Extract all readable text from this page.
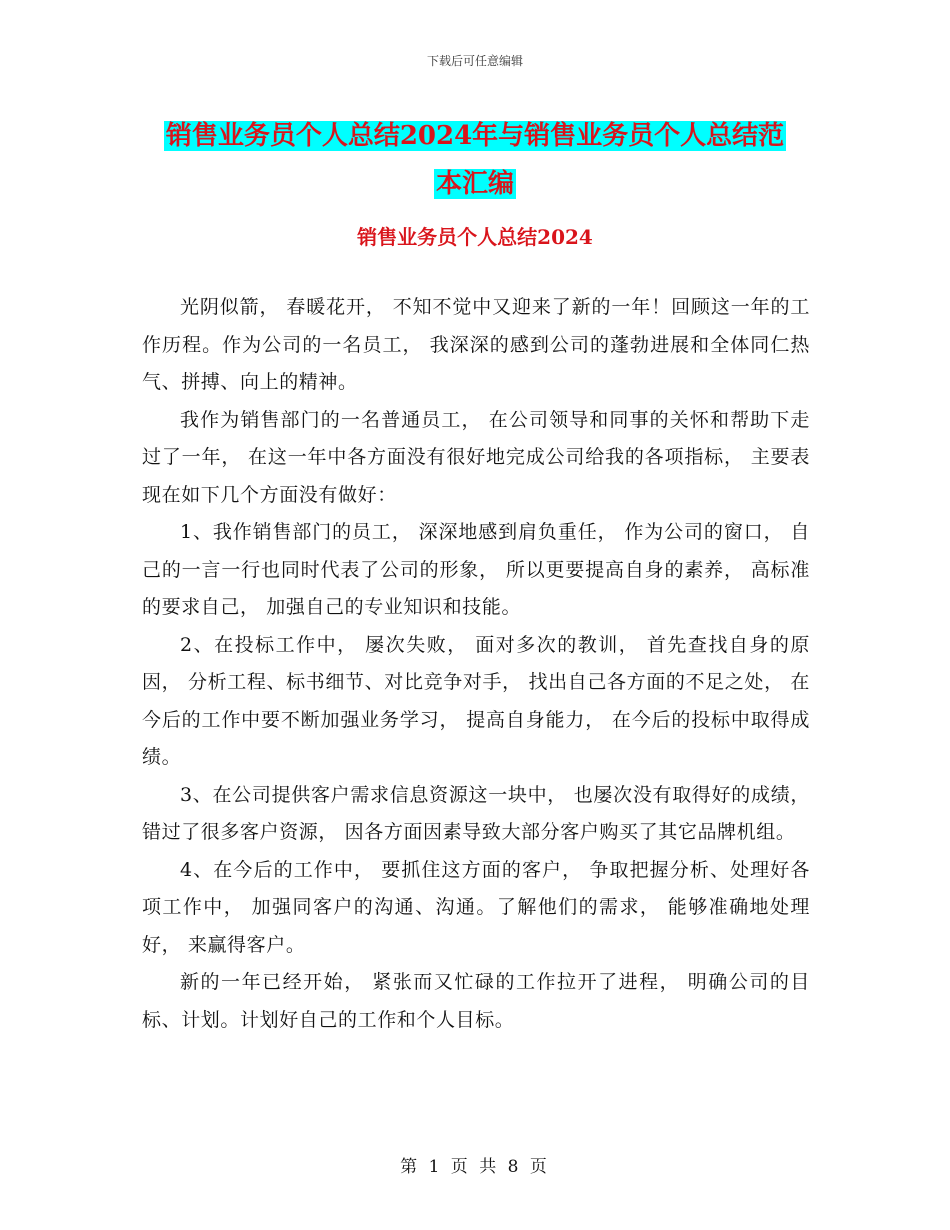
下载后可任意编辑
销售业务员个人总结2024年与销售业务员个人总结范
本汇编
销售业务员个人总结2024

光阴似箭， 春暖花开， 不知不觉中又迎来了新的一年！回顾这一年的工作历程。作为公司的一名员工， 我深深的感到公司的蓬勃进展和全体同仁热气、拼搏、向上的精神。

我作为销售部门的一名普通员工， 在公司领导和同事的关怀和帮助下走过了一年， 在这一年中各方面没有很好地完成公司给我的各项指标， 主要表现在如下几个方面没有做好：

1、我作销售部门的员工， 深深地感到肩负重任， 作为公司的窗口， 自己的一言一行也同时代表了公司的形象， 所以更要提高自身的素养， 高标准的要求自己， 加强自己的专业知识和技能。

2、在投标工作中， 屡次失败， 面对多次的教训， 首先查找自身的原因， 分析工程、标书细节、对比竞争对手， 找出自己各方面的不足之处， 在今后的工作中要不断加强业务学习， 提高自身能力， 在今后的投标中取得成绩。

3、在公司提供客户需求信息资源这一块中， 也屡次没有取得好的成绩， 错过了很多客户资源， 因各方面因素导致大部分客户购买了其它品牌机组。

4、在今后的工作中， 要抓住这方面的客户， 争取把握分析、处理好各项工作中， 加强同客户的沟通、沟通。了解他们的需求， 能够准确地处理好， 来赢得客户。

新的一年已经开始， 紧张而又忙碌的工作拉开了进程， 明确公司的目标、计划。计划好自己的工作和个人目标。

第 1 页 共 8 页
